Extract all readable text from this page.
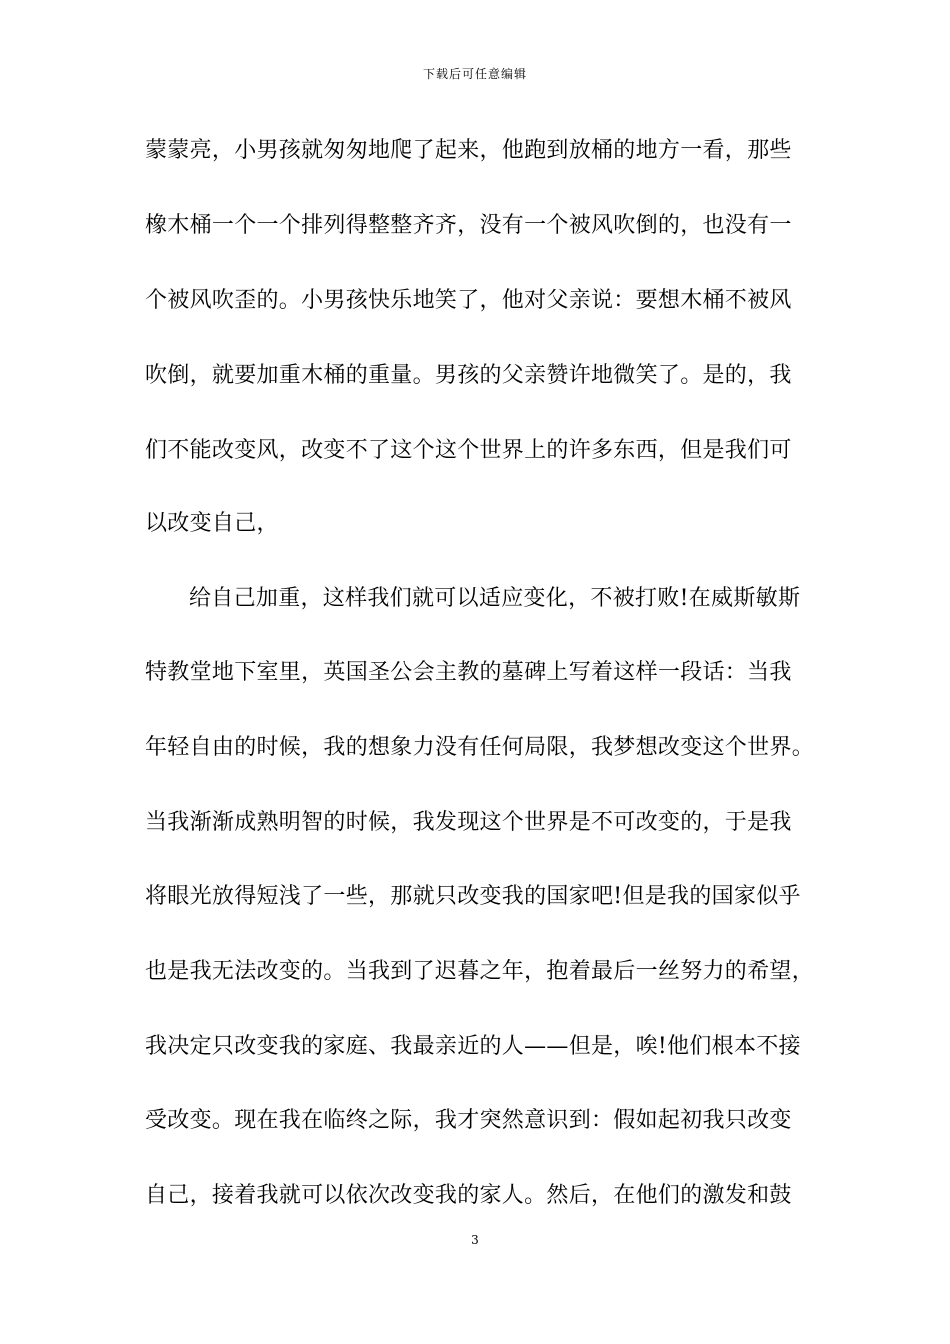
下载后可任意编辑
蒙蒙亮，小男孩就匆匆地爬了起来，他跑到放桶的地方一看，那些
橡木桶一个一个排列得整整齐齐，没有一个被风吹倒的，也没有一
个被风吹歪的。小男孩快乐地笑了，他对父亲说：要想木桶不被风
吹倒，就要加重木桶的重量。男孩的父亲赞许地微笑了。是的，我
们不能改变风，改变不了这个这个世界上的许多东西，但是我们可
以改变自己，
给自己加重，这样我们就可以适应变化，不被打败!在威斯敏斯
特教堂地下室里，英国圣公会主教的墓碑上写着这样一段话：当我
年轻自由的时候，我的想象力没有任何局限，我梦想改变这个世界。
当我渐渐成熟明智的时候，我发现这个世界是不可改变的，于是我
将眼光放得短浅了一些，那就只改变我的国家吧!但是我的国家似乎
也是我无法改变的。当我到了迟暮之年，抱着最后一丝努力的希望，
我决定只改变我的家庭、我最亲近的人——但是，唉!他们根本不接
受改变。现在我在临终之际，我才突然意识到：假如起初我只改变
自己，接着我就可以依次改变我的家人。然后，在他们的激发和鼓
3
